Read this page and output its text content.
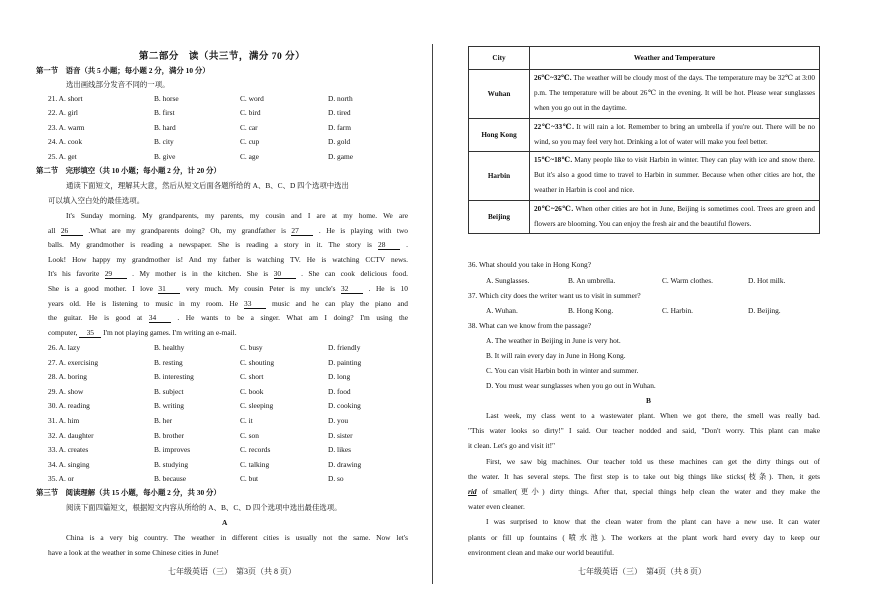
第二部分　读（共三节，满分 70 分）
第一节　语音（共 5 小题；每小题 2 分，满分 10 分）
选出画线部分发音不同的一项。
21. A. short	B. horse	C. word	D. north
22. A. girl	B. first	C. bird	D. tired
23. A. warm	B. hard	C. car	D. farm
24. A. cook	B. city	C. cup	D. gold
25. A. get	B. give	C. age	D. game
第二节　完形填空（共 10 小题；每小题 2 分，计 20 分）
通读下面短文，理解其大意，然后从短文后面各题所给的 A、B、C、D 四个选项中选出
可以填入空白处的最佳选项。
It's Sunday morning. My grandparents, my parents, my cousin and I are at my home. We are
all 26 .What are my grandparents doing? Oh, my grandfather is 27 . He is playing with two
balls. My grandmother is reading a newspaper. She is reading a story in it. The story is 28 .
Look! How happy my grandmother is! And my father is watching TV. He is watching CCTV news.
It's his favorite 29 . My mother is in the kitchen. She is 30 . She can cook delicious food.
She is a good mother. I love 31 very much. My cousin Peter is my uncle's 32 . He is 10
years old. He is listening to music in my room. He 33 music and he can play the piano and
the guitar. He is good at 34 . He wants to be a singer. What am I doing? I'm using the
computer, 35 I'm not playing games. I'm writing an e-mail.
26. A. lazy	B. healthy	C. busy	D. friendly
27. A. exercising	B. resting	C. shouting	D. painting
28. A. boring	B. interesting	C. short	D. long
29. A. show	B. subject	C. book	D. food
30. A. reading	B. writing	C. sleeping	D. cooking
31. A. him	B. her	C. it	D. you
32. A. daughter	B. brother	C. son	D. sister
33. A. creates	B. improves	C. records	D. likes
34. A. singing	B. studying	C. talking	D. drawing
35. A. or	B. because	C. but	D. so
第三节　阅读理解（共 15 小题，每小题 2 分，共 30 分）
阅读下面四篇短文，根据短文内容从所给的 A、B、C、D 四个选项中选出最佳选项。
A
China is a very big country. The weather in different cities is usually not the same. Now let's
have a look at the weather in some Chinese cities in June!
七年级英语（三）　第3页（共 8 页）
City	Weather and Temperature
Wuhan	26℃~32℃. The weather will be cloudy most of the days. The temperature may be 32℃ at 3:00 p.m. The temperature will be about 26℃ in the evening. It will be hot. Please wear sunglasses when you go out in the daytime.
Hong Kong	22℃~33℃. It will rain a lot. Remember to bring an umbrella if you're out. There will be no wind, so you may feel very hot. Drinking a lot of water will make you feel better.
Harbin	15℃~18℃. Many people like to visit Harbin in winter. They can play with ice and snow there. But it's also a good time to travel to Harbin in summer. Because when other cities are hot, the weather in Harbin is cool and nice.
Beijing	20℃~26℃. When other cities are hot in June, Beijing is sometimes cool. Trees are green and flowers are blooming. You can enjoy the fresh air and the beautiful flowers.
36. What should you take in Hong Kong?
A. Sunglasses.	B. An umbrella.	C. Warm clothes.	D. Hot milk.
37. Which city does the writer want us to visit in summer?
A. Wuhan.	B. Hong Kong.	C. Harbin.	D. Beijing.
38. What can we know from the passage?
A. The weather in Beijing in June is very hot.
B. It will rain every day in June in Hong Kong.
C. You can visit Harbin both in winter and summer.
D. You must wear sunglasses when you go out in Wuhan.
B
Last week, my class went to a wastewater plant. When we got there, the smell was really bad.
"This water looks so dirty!" I said. Our teacher nodded and said, "Don't worry. This plant can make
it clean. Let's go and visit it!"
First, we saw big machines. Our teacher told us these machines can get the dirty things out of
the water. It has several steps. The first step is to take out big things like sticks(枝条). Then, it gets
rid of smaller(更小) dirty things. After that, special things help clean the water and they make the
water even cleaner.
I was surprised to know that the clean water from the plant can have a new use. It can water
plants or fill up fountains (喷水池). The workers at the plant work hard every day to keep our
environment clean and make our world beautiful.
七年级英语（三）　第4页（共 8 页）
